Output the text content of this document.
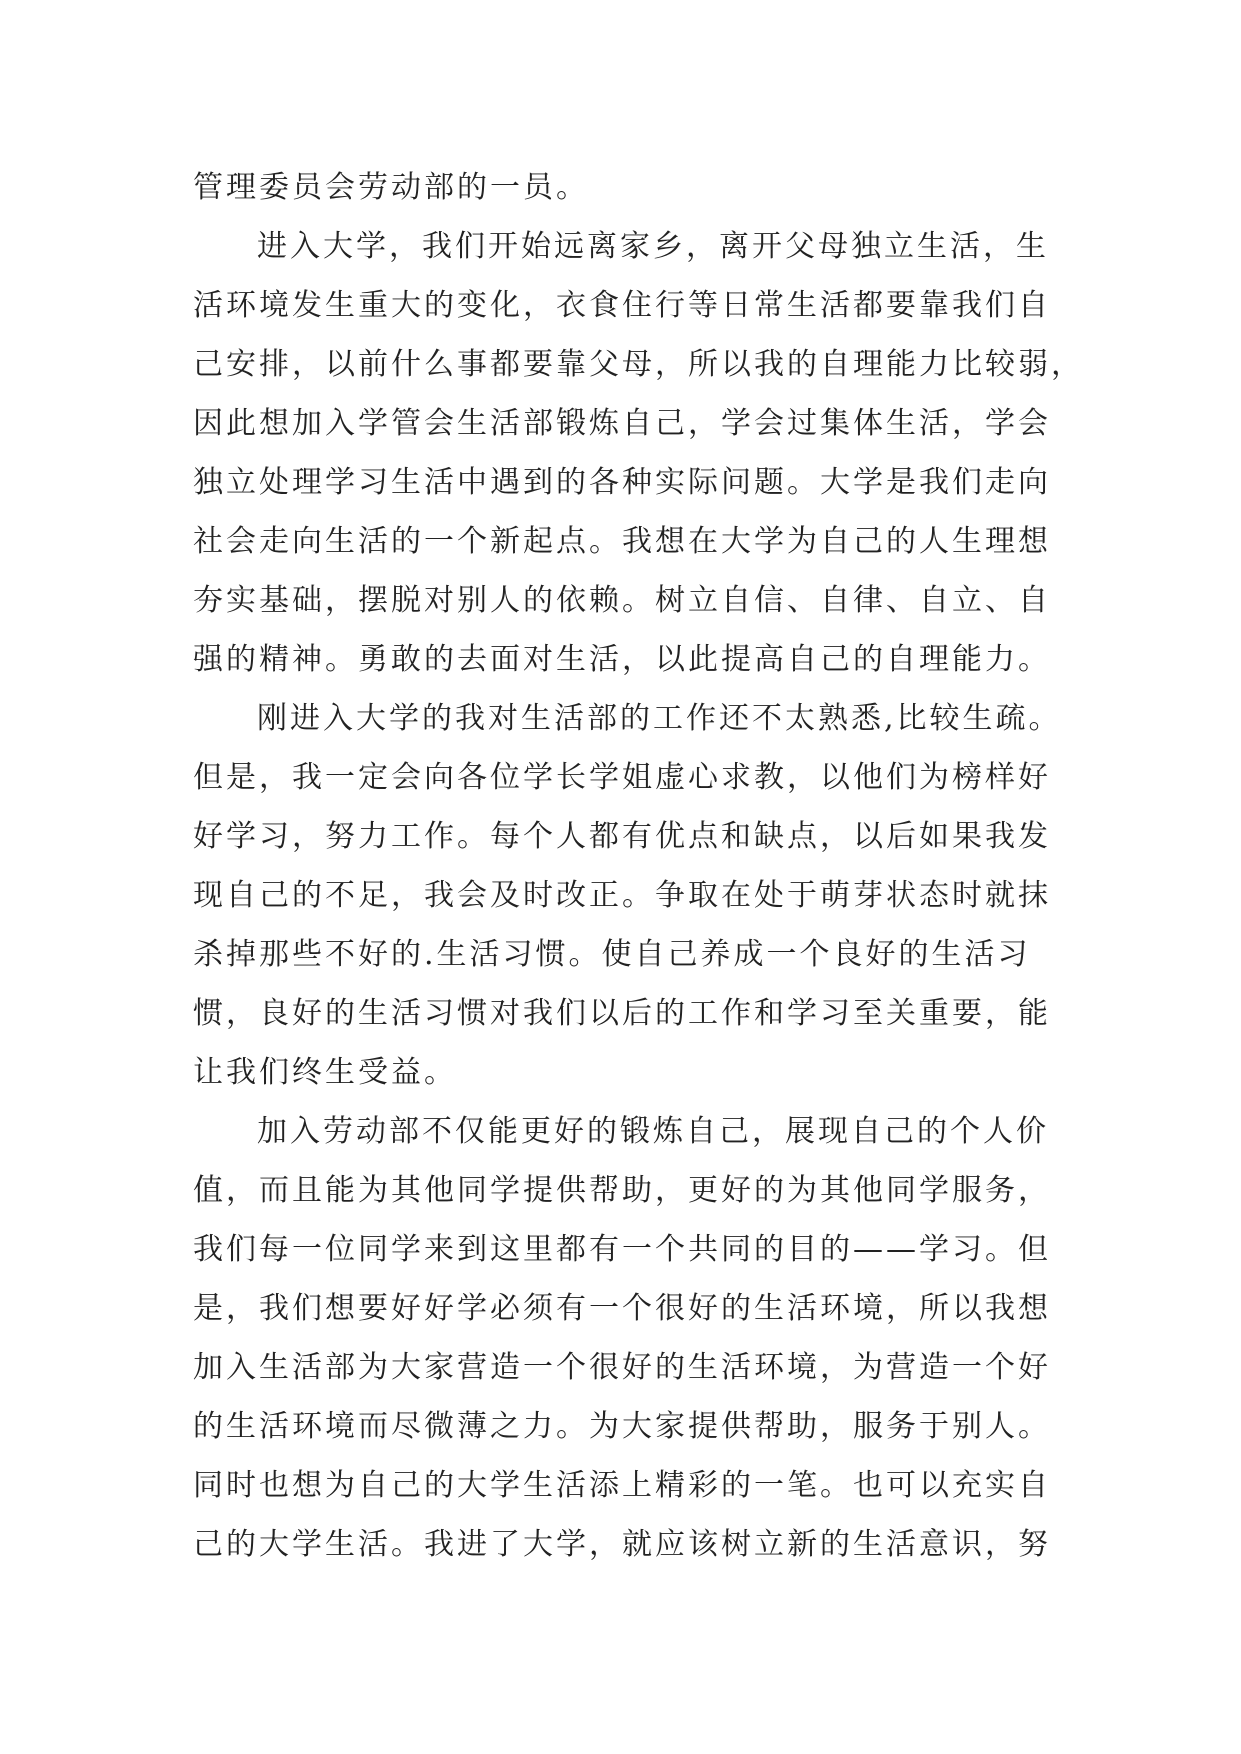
管理委员会劳动部的一员。
进入大学，我们开始远离家乡，离开父母独立生活，生
活环境发生重大的变化，衣食住行等日常生活都要靠我们自
己安排，以前什么事都要靠父母，所以我的自理能力比较弱，
因此想加入学管会生活部锻炼自己，学会过集体生活，学会
独立处理学习生活中遇到的各种实际问题。大学是我们走向
社会走向生活的一个新起点。我想在大学为自己的人生理想
夯实基础，摆脱对别人的依赖。树立自信、自律、自立、自
强的精神。勇敢的去面对生活，以此提高自己的自理能力。
刚进入大学的我对生活部的工作还不太熟悉,比较生疏。
但是，我一定会向各位学长学姐虚心求教，以他们为榜样好
好学习，努力工作。每个人都有优点和缺点，以后如果我发
现自己的不足，我会及时改正。争取在处于萌芽状态时就抹
杀掉那些不好的.生活习惯。使自己养成一个良好的生活习
惯，良好的生活习惯对我们以后的工作和学习至关重要，能
让我们终生受益。
加入劳动部不仅能更好的锻炼自己，展现自己的个人价
值，而且能为其他同学提供帮助，更好的为其他同学服务，
我们每一位同学来到这里都有一个共同的目的——学习。但
是，我们想要好好学必须有一个很好的生活环境，所以我想
加入生活部为大家营造一个很好的生活环境，为营造一个好
的生活环境而尽微薄之力。为大家提供帮助，服务于别人。
同时也想为自己的大学生活添上精彩的一笔。也可以充实自
己的大学生活。我进了大学，就应该树立新的生活意识，努
